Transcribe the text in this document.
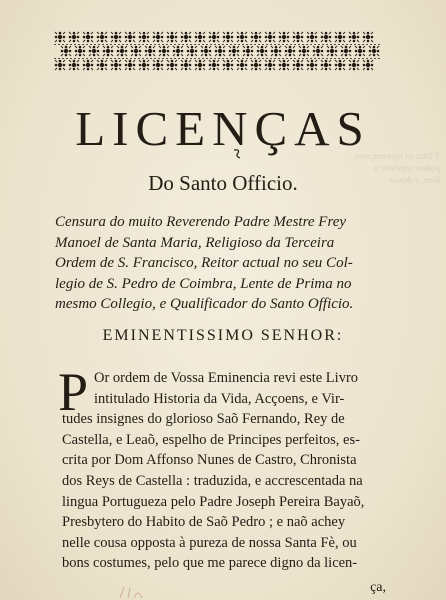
V Istas as informaçoens
pódese imprimir o
livro, e depois
LICENÇAS
Do Santo Officio.
Censura do muito Reverendo Padre Mestre Frey
Manoel de Santa Maria, Religioso da Terceira
Ordem de S. Francisco, Reitor actual no seu Col-
legio de S. Pedro de Coimbra, Lente de Prima no
mesmo Collegio, e Qualificador do Santo Officio.
EMINENTISSIMO SENHOR:
P Or ordem de Vossa Eminencia revi este Livro
intitulado Historia da Vida, Acçoens, e Vir-
tudes insignes do glorioso Saõ Fernando, Rey de
Castella, e Leaõ, espelho de Principes perfeitos, es-
crita por Dom Affonso Nunes de Castro, Chronista
dos Reys de Castella : traduzida, e accrescentada na
lingua Portugueza pelo Padre Joseph Pereira Bayaõ,
Presbytero do Habito de Saõ Pedro ; e naõ achey
nelle cousa opposta à pureza de nossa Santa Fè, ou
bons costumes, pelo que me parece digno da licen-
ça,
